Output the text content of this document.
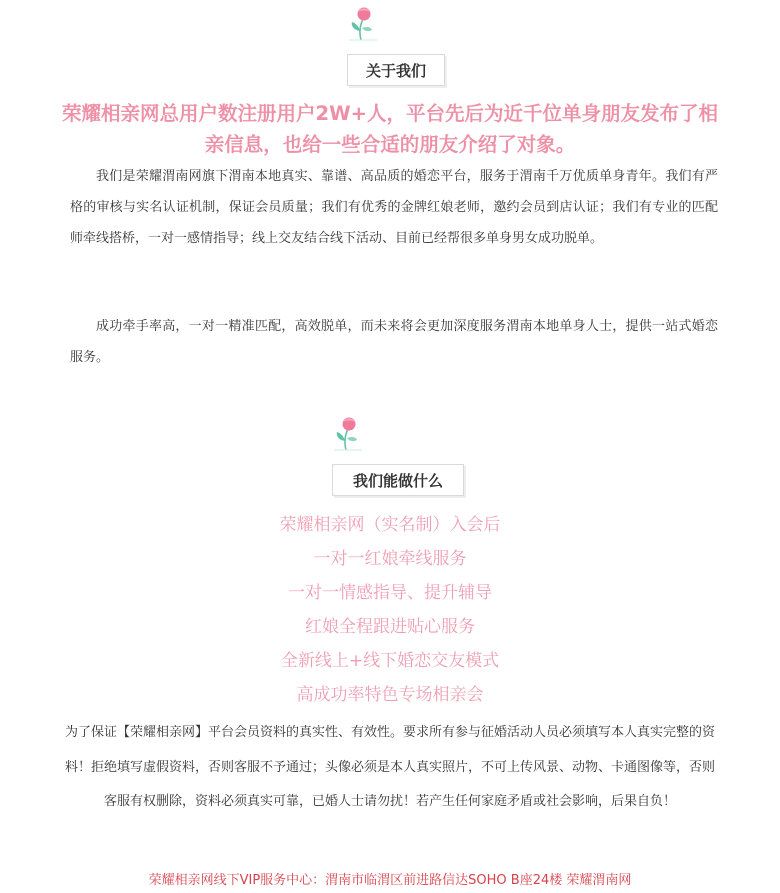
关于我们

荣耀相亲网总用户数注册用户2W+人，平台先后为近千位单身朋友发布了相亲信息，也给一些合适的朋友介绍了对象。

我们是荣耀渭南网旗下渭南本地真实、靠谱、高品质的婚恋平台，服务于渭南千万优质单身青年。我们有严格的审核与实名认证机制，保证会员质量；我们有优秀的金牌红娘老师，邀约会员到店认证；我们有专业的匹配师牵线搭桥，一对一感情指导；线上交友结合线下活动、目前已经帮很多单身男女成功脱单。

成功牵手率高，一对一精准匹配，高效脱单，而未来将会更加深度服务渭南本地单身人士，提供一站式婚恋服务。

我们能做什么
荣耀相亲网（实名制）入会后
一对一红娘牵线服务
一对一情感指导、提升辅导
红娘全程跟进贴心服务
全新线上+线下婚恋交友模式
高成功率特色专场相亲会

为了保证【荣耀相亲网】平台会员资料的真实性、有效性。要求所有参与征婚活动人员必须填写本人真实完整的资料！拒绝填写虚假资料，否则客服不予通过；头像必须是本人真实照片，不可上传风景、动物、卡通图像等，否则客服有权删除，资料必须真实可靠，已婚人士请勿扰！若产生任何家庭矛盾或社会影响，后果自负！

荣耀相亲网线下VIP服务中心：渭南市临渭区前进路信达SOHO B座24楼 荣耀渭南网
